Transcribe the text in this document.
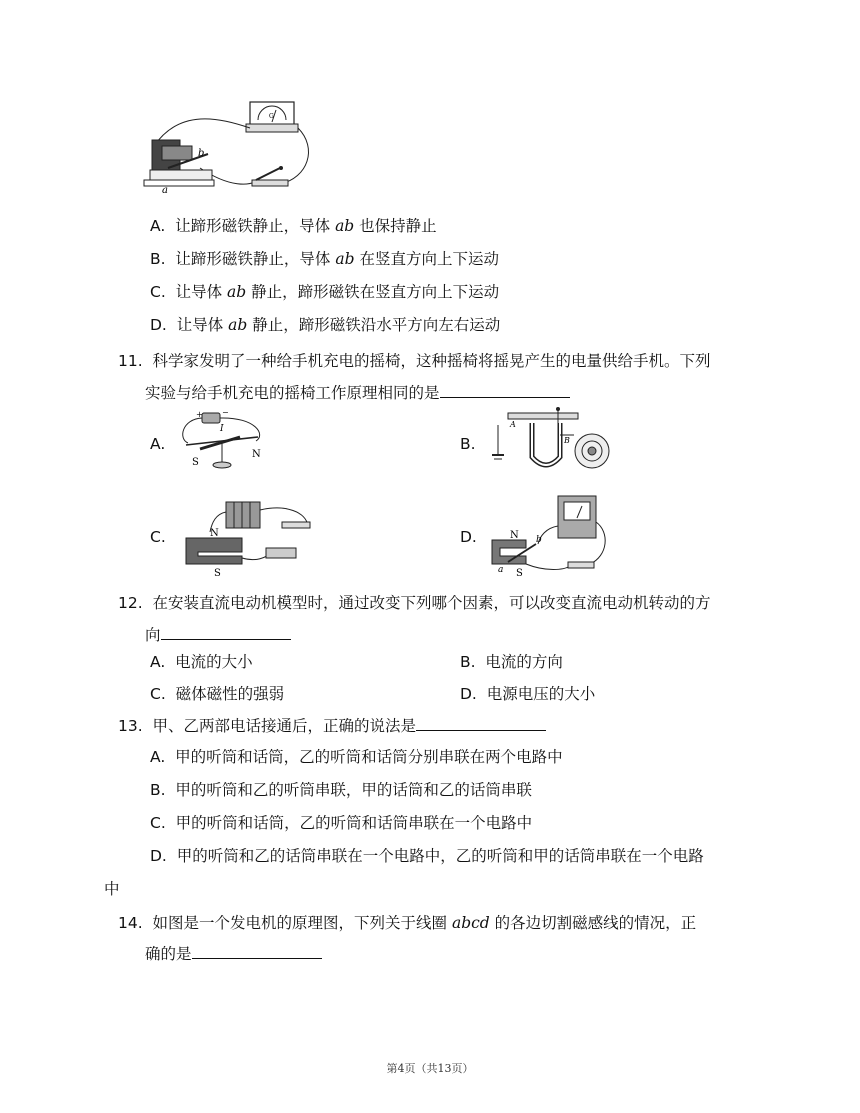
G
a
b
A. 让蹄形磁铁静止，导体 ab 也保持静止
B. 让蹄形磁铁静止，导体 ab 在竖直方向上下运动
C. 让导体 ab 静止，蹄形磁铁在竖直方向上下运动
D. 让导体 ab 静止，蹄形磁铁沿水平方向左右运动
11. 科学家发明了一种给手机充电的摇椅，这种摇椅将摇晃产生的电量供给手机。下列
实验与给手机充电的摇椅工作原理相同的是
A.
+ −
I
S
N
B.
A
B
C.	N
S
D.	N
S
a
b
12. 在安装直流电动机模型时，通过改变下列哪个因素，可以改变直流电动机转动的方
向
A. 电流的大小	B. 电流的方向
C. 磁体磁性的强弱	D. 电源电压的大小
13. 甲、乙两部电话接通后，正确的说法是
A. 甲的听筒和话筒，乙的听筒和话筒分别串联在两个电路中
B. 甲的听筒和乙的听筒串联，甲的话筒和乙的话筒串联
C. 甲的听筒和话筒，乙的听筒和话筒串联在一个电路中
D. 甲的听筒和乙的话筒串联在一个电路中，乙的听筒和甲的话筒串联在一个电路
中
14. 如图是一个发电机的原理图，下列关于线圈 abcd 的各边切割磁感线的情况，正
确的是
第4页（共13页）
